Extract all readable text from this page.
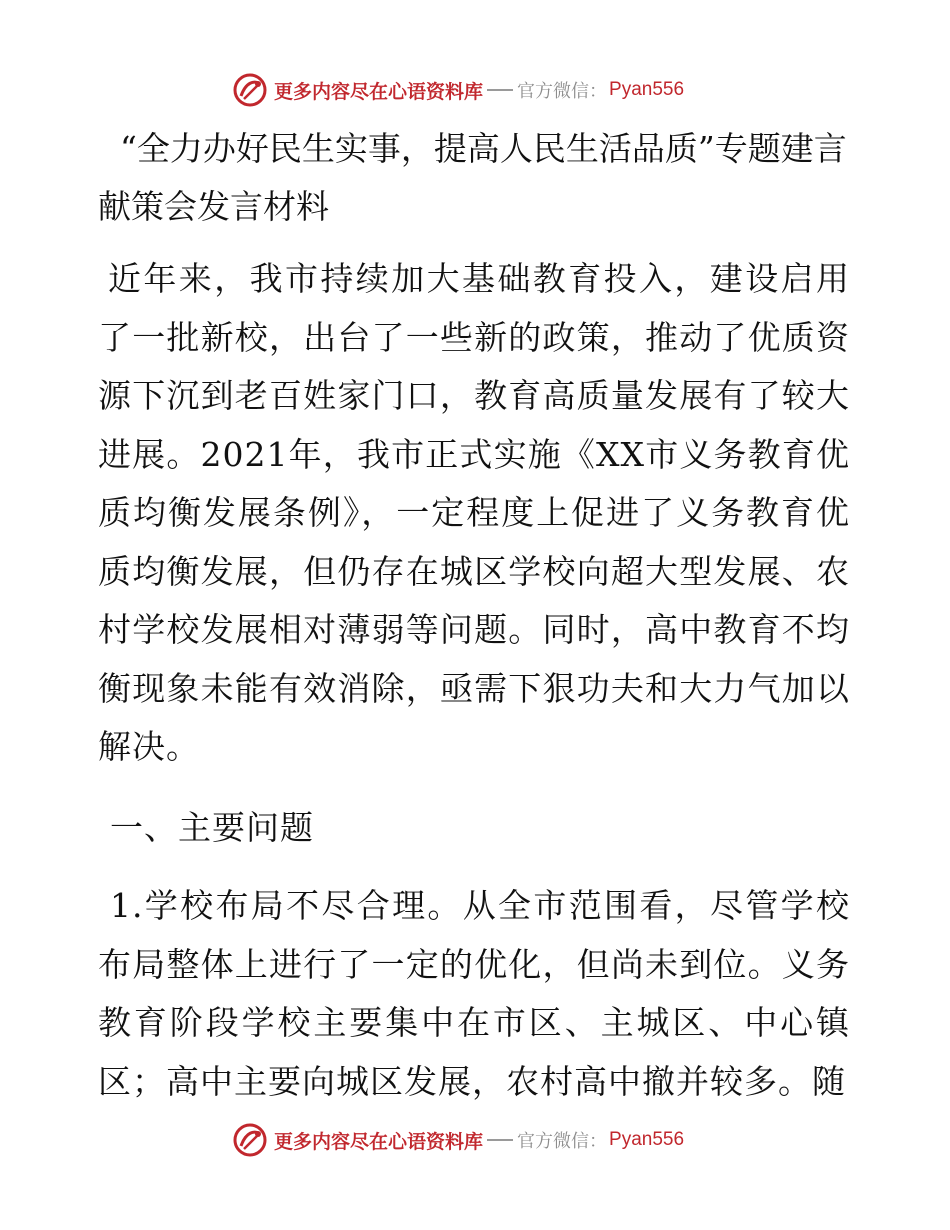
更多内容尽在心语资料库 官方微信： Pyan556
“全力办好民生实事，提高人民生活品质”专题建言献策会发言材料

近年来，我市持续加大基础教育投入，建设启用了一批新校，出台了一些新的政策，推动了优质资源下沉到老百姓家门口，教育高质量发展有了较大进展。2021年，我市正式实施《XX市义务教育优质均衡发展条例》，一定程度上促进了义务教育优质均衡发展，但仍存在城区学校向超大型发展、农村学校发展相对薄弱等问题。同时，高中教育不均衡现象未能有效消除，亟需下狠功夫和大力气加以解决。

一、主要问题

1.学校布局不尽合理。从全市范围看，尽管学校布局整体上进行了一定的优化，但尚未到位。义务教育阶段学校主要集中在市区、主城区、中心镇区；高中主要向城区发展，农村高中撤并较多。随

更多内容尽在心语资料库 官方微信： Pyan556
